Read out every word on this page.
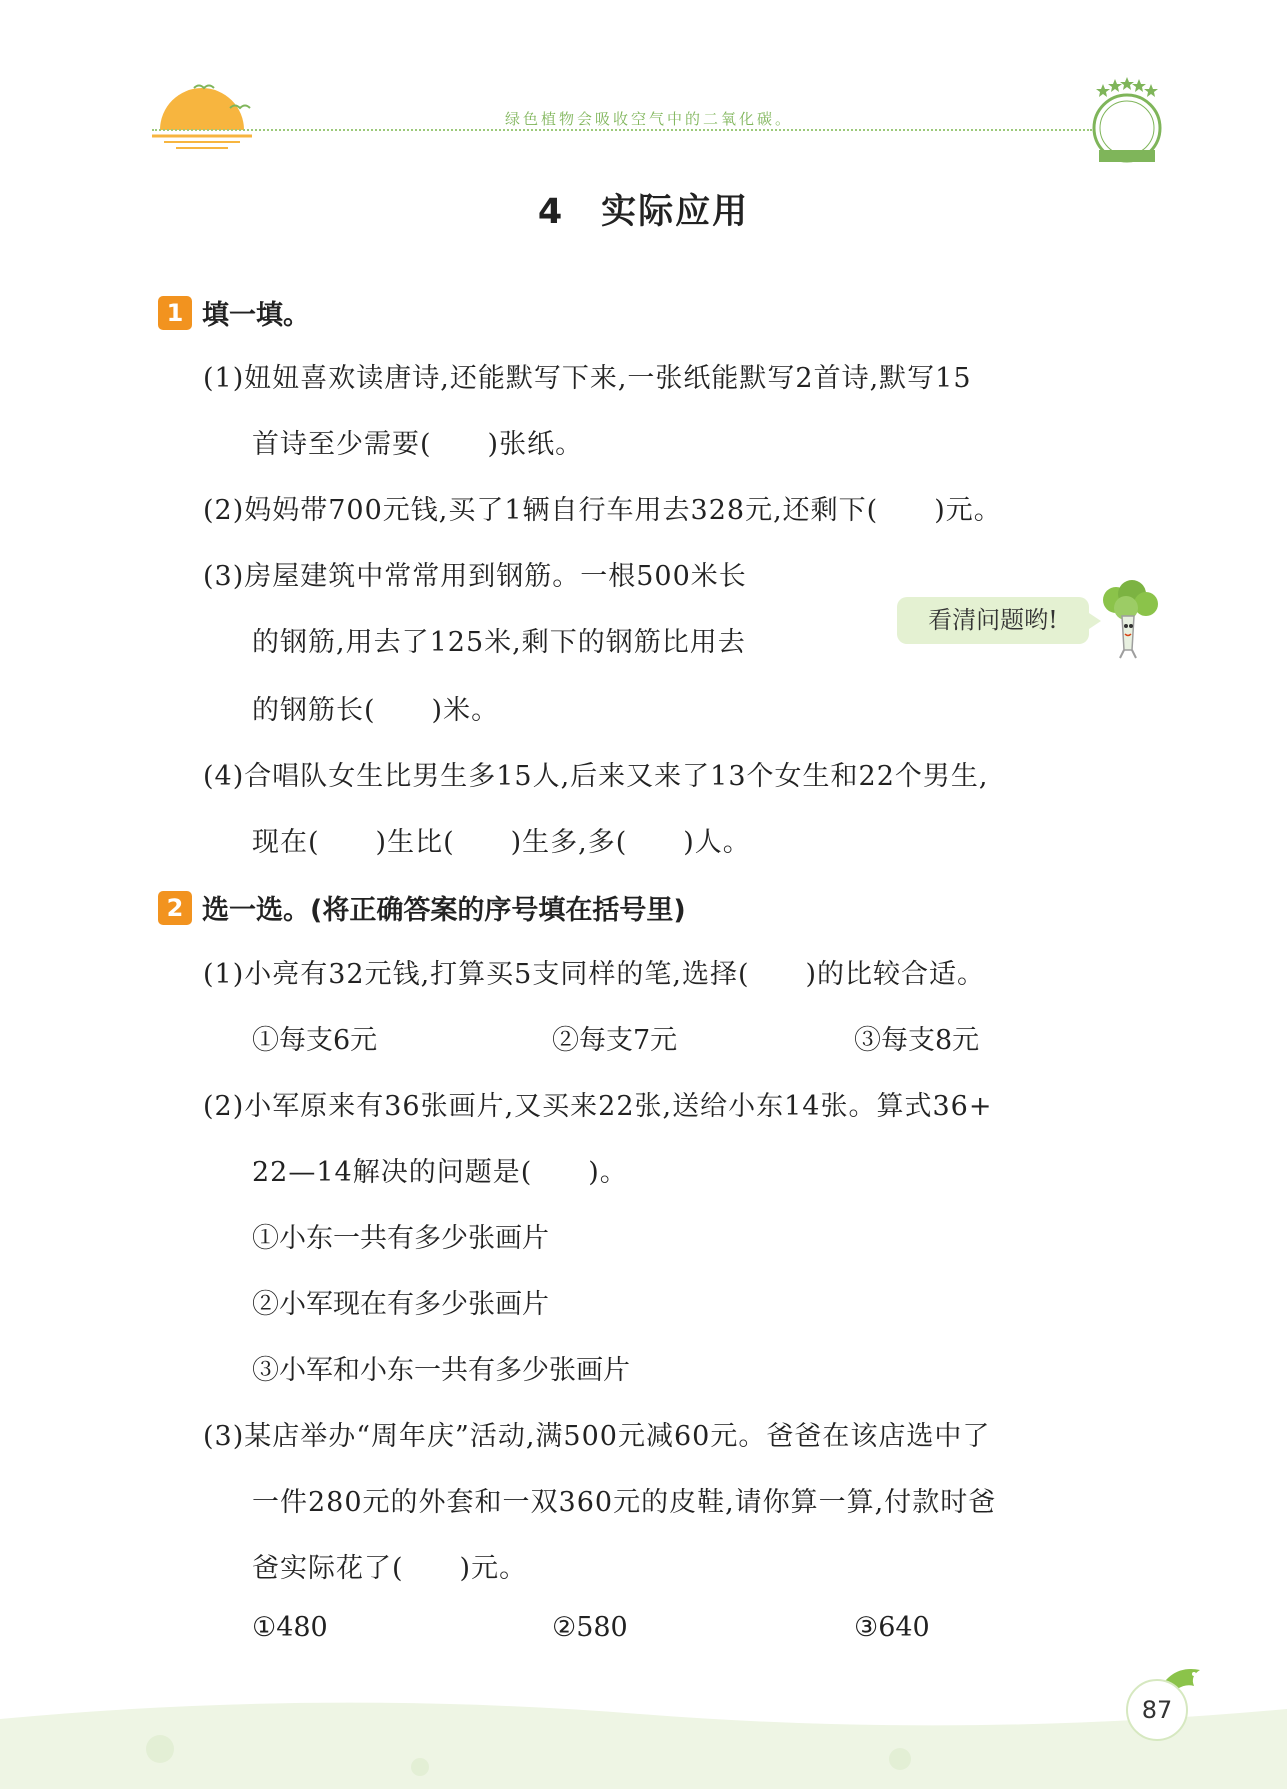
绿色植物会吸收空气中的二氧化碳。
4　实际应用
1 填一填。
(1)妞妞喜欢读唐诗,还能默写下来,一张纸能默写2首诗,默写15
首诗至少需要(　　)张纸。
(2)妈妈带700元钱,买了1辆自行车用去328元,还剩下(　　)元。
(3)房屋建筑中常常用到钢筋。一根500米长
的钢筋,用去了125米,剩下的钢筋比用去
的钢筋长(　　)米。
(4)合唱队女生比男生多15人,后来又来了13个女生和22个男生,
现在(　　)生比(　　)生多,多(　　)人。
看清问题哟!
2 选一选。(将正确答案的序号填在括号里)
(1)小亮有32元钱,打算买5支同样的笔,选择(　　)的比较合适。
①每支6元	②每支7元	③每支8元
(2)小军原来有36张画片,又买来22张,送给小东14张。算式36+
22—14解决的问题是(　　)。
①小东一共有多少张画片
②小军现在有多少张画片
③小军和小东一共有多少张画片
(3)某店举办“周年庆”活动,满500元减60元。爸爸在该店选中了
一件280元的外套和一双360元的皮鞋,请你算一算,付款时爸
爸实际花了(　　)元。
①480	②580	③640
87
